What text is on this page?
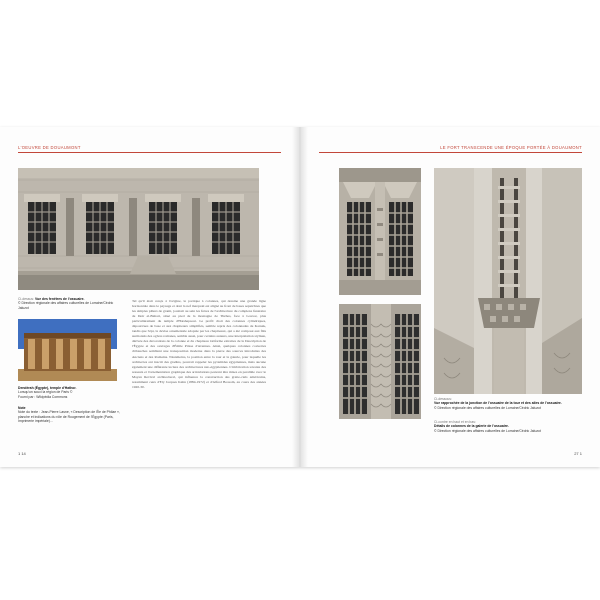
L'OEUVRE DE DOUAUMONT
Ci-dessus: Vue des fenêtres de l'ossuaire.
© Direction régionale des affaires culturelles de Lorraine/Cédric Jaluzot
Dendérah (Égypte), temple d'Hathor.
Lorsqu'un souci la région de Paris ©
Fourni par : Wikipédia Commons
Note
Note du texte : Jean-Pierre Lasne, « Description de l'Île de Philae », planche et indications du rôle de Rougement de l'Égypte (Paris, Imprimerie impériale)...
Tel qu'il était conçu à l'origine, le portique à colonnes, qui dessine une grande ligne horizontale dans le paysage et dont la nef marquait est aligné au front de bases sepulchres que les simples piliers de granit, jouxtait au sein les frères de l'architecture du complexe funéraire de Deir el-Bahari, situé au pied de la montagne de Thèbes, face à Louxor, plus particulièrement du temple d'Hatshepsout. Le profil droit des colonnes cylindriques, dépourvues de base et aux chapiteaux simplifiés, semble repris des colonnades de Karnak, tandis que l'épi, la devise ornementale adoptée par les chapiteaux, qui a été composé aux fûts surmontés des ogives romanes, semble aussi, pour certains auteurs, une interprétation stylisée, dérivée des décorations de la colonne et du chapiteau lotiforme extraites de la Description de l'Égypte et des ouvrages d'Émile Prisse d'Avennes. Ainsi, quelques colonnes couvertes d'ébauches semblent une transposition moderne dans la pierre des sources introduites des Anciens et des Romains. Néanmoins, la position entre la tour et la galerie, pour laquelle les architectes ont inscrit des gradins, pourrait rappeler les pyramides égyptiennes, mais aucune également une différente lecture des architectures néo-égyptiennes. L'imbrication savante des ressauts et l'ornementation graphique des articulations peuvent être mises en parallèle avec le Mayan Revival architectural, qui influence la construction des gratte-ciels américains, notamment ceux d'Ely Jacques Kahn (1884-1972) et d'Alfred Bossom, au cours des années 1920-30.
1 14
LE FORT TRANSCENDE UNE ÉPOQUE PORTÉE À DOUAUMONT
Ci-dessous:
Vue rapprochée de la jonction de l'ossuaire de la tour et des ailes de l'ossuaire.
© Direction régionale des affaires culturelles de Lorraine/Cédric Jaluzot
Ci-contre en haut et en bas:
Détails de colonnes de la galerie de l'ossuaire.
© Direction régionale des affaires culturelles de Lorraine/Cédric Jaluzot
27 1
